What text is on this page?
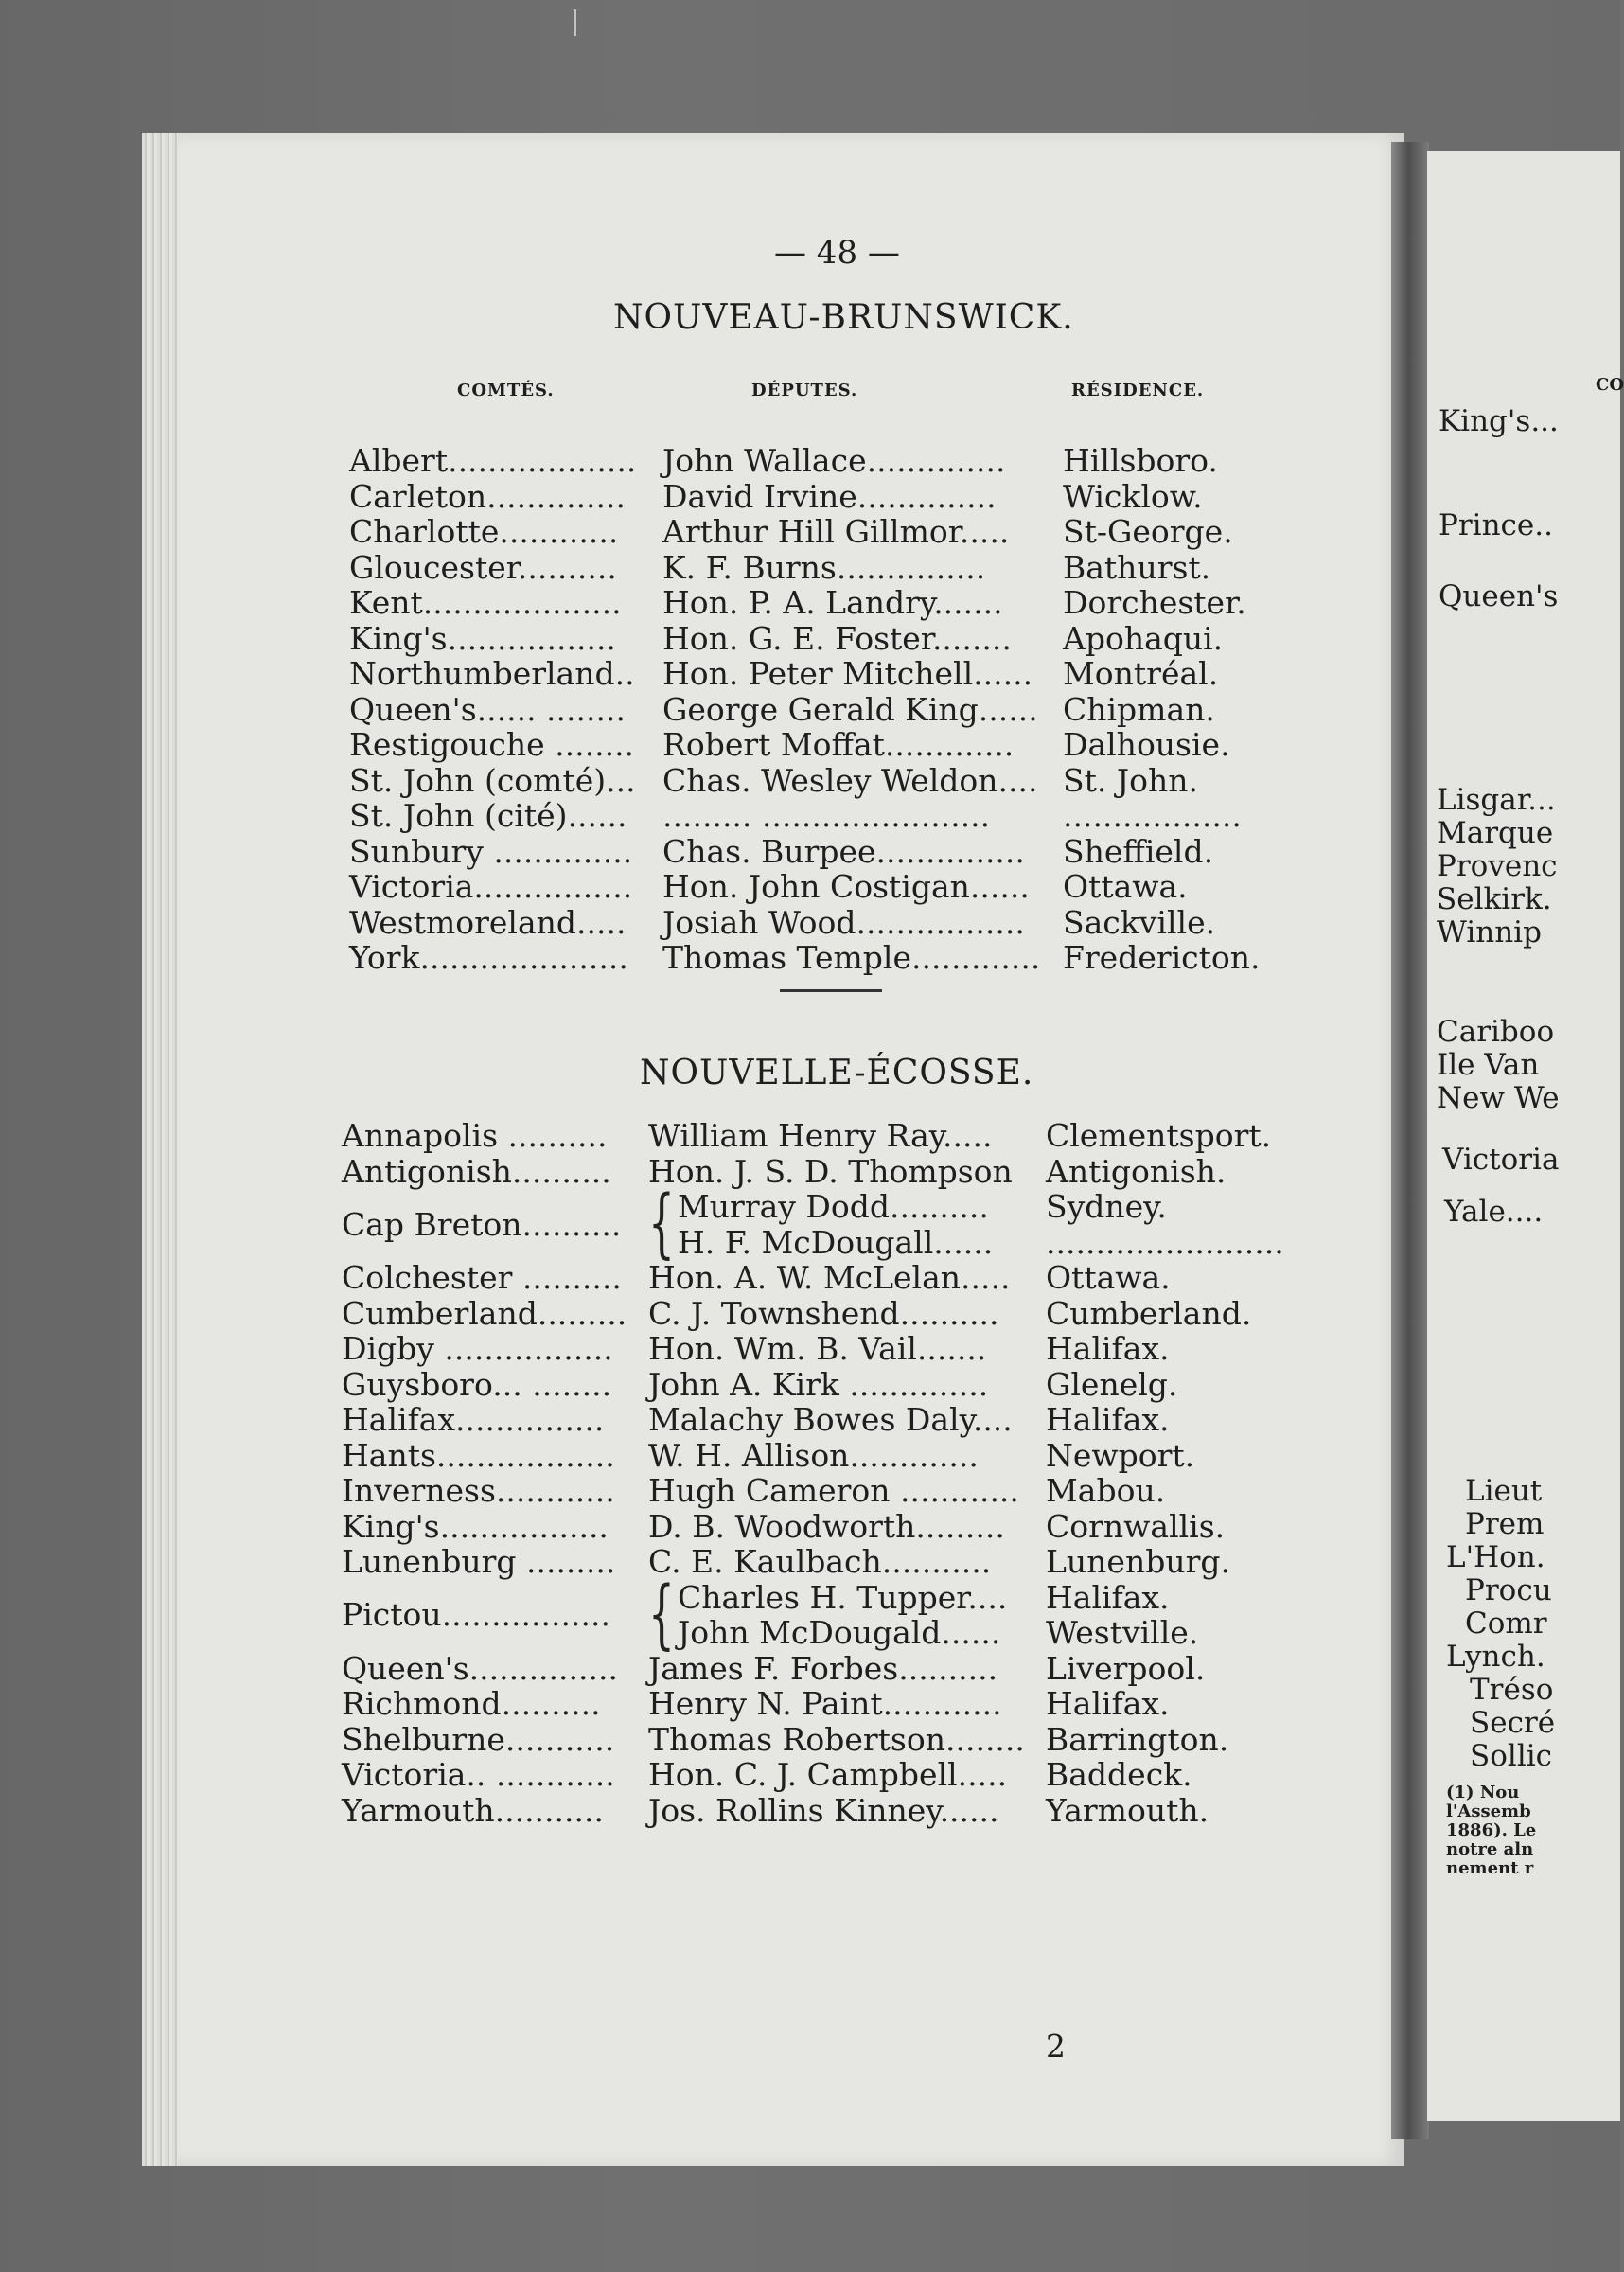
— 48 —
NOUVEAU-BRUNSWICK.
COMTÉS.	DÉPUTES.	RÉSIDENCE.
Albert................... John Wallace.............. Hillsboro.
Carleton.............. David Irvine.............. Wicklow.
Charlotte............ Arthur Hill Gillmor..... St-George.
Gloucester.......... K. F. Burns............... Bathurst.
Kent.................... Hon. P. A. Landry....... Dorchester.
King's................. Hon. G. E. Foster........ Apohaqui.
Northumberland.. Hon. Peter Mitchell...... Montréal.
Queen's...... ........ George Gerald King...... Chipman.
Restigouche ........ Robert Moffat............. Dalhousie.
St. John (comté)... Chas. Wesley Weldon.... St. John.
St. John (cité)...... ......... ....................... ..................
Sunbury .............. Chas. Burpee............... Sheffield.
Victoria................ Hon. John Costigan...... Ottawa.
Westmoreland..... Josiah Wood................. Sackville.
York..................... Thomas Temple............. Fredericton.
NOUVELLE-ÉCOSSE.
Annapolis .......... William Henry Ray..... Clementsport.
Antigonish.......... Hon. J. S. D. Thompson Antigonish.
Cap Breton.......... { Murray Dodd.......... Sydney.
H. F. McDougall...... ........................
Colchester .......... Hon. A. W. McLelan..... Ottawa.
Cumberland......... C. J. Townshend.......... Cumberland.
Digby ................. Hon. Wm. B. Vail....... Halifax.
Guysboro... ........ John A. Kirk .............. Glenelg.
Halifax............... Malachy Bowes Daly.... Halifax.
Hants.................. W. H. Allison............. Newport.
Inverness............ Hugh Cameron ............ Mabou.
King's................. D. B. Woodworth......... Cornwallis.
Lunenburg ......... C. E. Kaulbach........... Lunenburg.
Pictou................. { Charles H. Tupper.... Halifax.
John McDougald...... Westville.
Queen's............... James F. Forbes.......... Liverpool.
Richmond.......... Henry N. Paint............ Halifax.
Shelburne........... Thomas Robertson........ Barrington.
Victoria.. ............ Hon. C. J. Campbell..... Baddeck.
Yarmouth........... Jos. Rollins Kinney...... Yarmouth.
2
CO
King's...
Prince..
Queen's
Lisgar...
Marque
Provenc
Selkirk.
Winnip
Cariboo
Ile Van
New We
Victoria
Yale....
Lieut
Prem
L'Hon.
Procu
Comr
Lynch.
Tréso
Secré
Sollic
(1) Nou
l'Assemb
1886). Le
notre aln
nement r
